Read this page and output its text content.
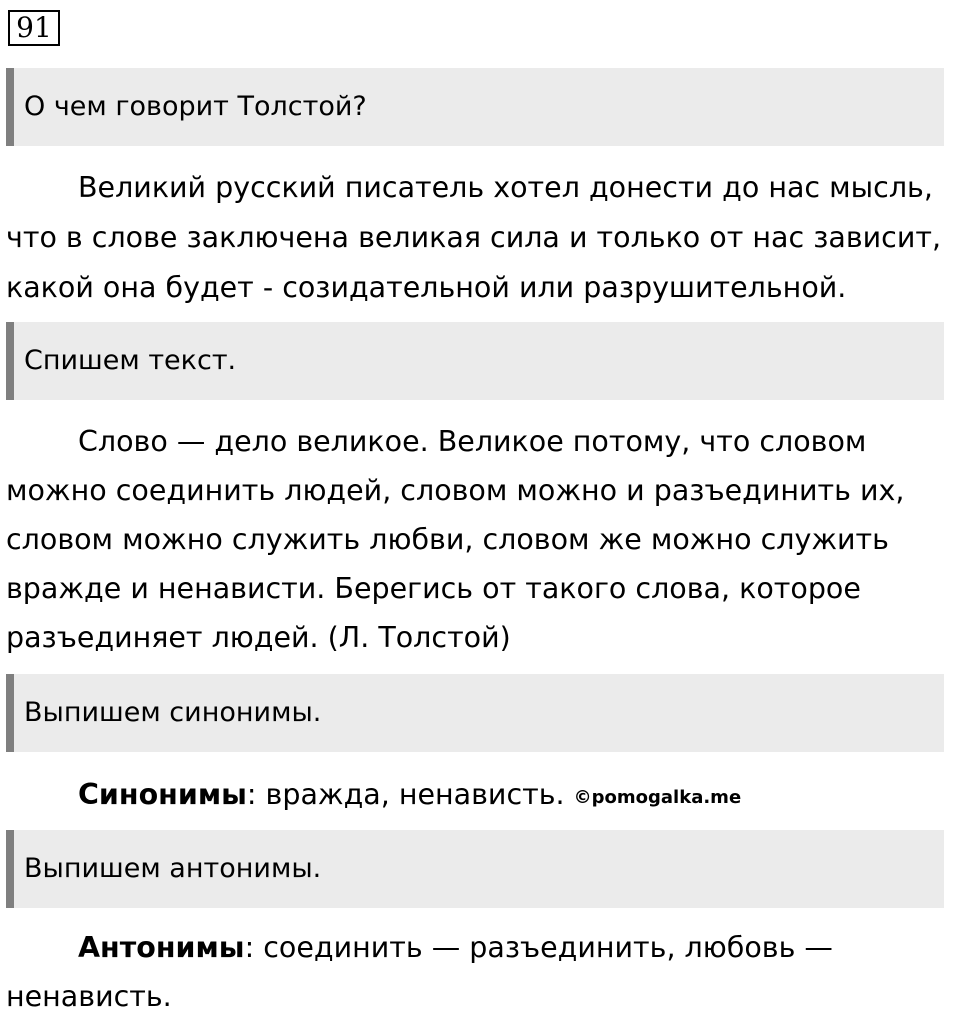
91
О чем говорит Толстой?

Великий русский писатель хотел донести до нас мысль, что в слове заключена великая сила и только от нас зависит, какой она будет - созидательной или разрушительной.

Спишем текст.

Слово — дело великое. Великое потому, что словом
можно соединить людей, словом можно и разъединить их,
словом можно служить любви, словом же можно служить
вражде и ненависти. Берегись от такого слова, которое
разъединяет людей. (Л. Толстой)

Выпишем синонимы.

Синонимы: вражда, ненависть. ©pomogalka.me

Выпишем антонимы.

Антонимы: соединить — разъединить, любовь —
ненависть.
